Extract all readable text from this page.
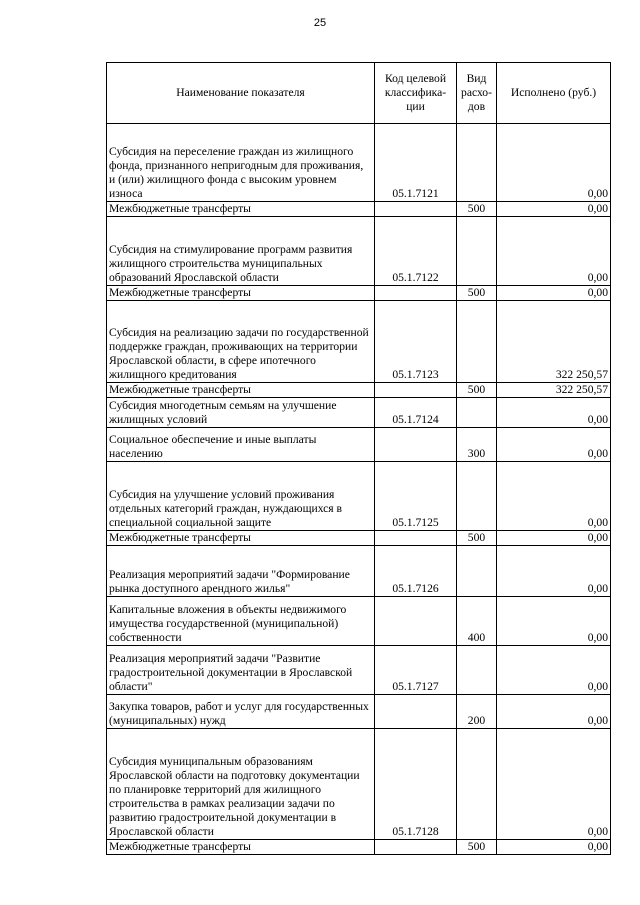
25
Наименование показателя	Код целевой классифика-ции	Вид расхо-дов	Исполнено (руб.)
Субсидия на переселение граждан из жилищного фонда, признанного непригодным для проживания, и (или) жилищного фонда с высоким уровнем износа	05.1.7121		0,00
Межбюджетные трансферты		500	0,00
Субсидия на стимулирование программ развития жилищного строительства муниципальных образований Ярославской области	05.1.7122		0,00
Межбюджетные трансферты		500	0,00
Субсидия на реализацию задачи по государственной поддержке граждан, проживающих на территории Ярославской области, в сфере ипотечного жилищного кредитования	05.1.7123		322 250,57
Межбюджетные трансферты		500	322 250,57
Субсидия многодетным семьям на улучшение жилищных условий	05.1.7124		0,00
Социальное обеспечение и иные выплаты населению		300	0,00
Субсидия на улучшение условий проживания отдельных категорий граждан, нуждающихся в специальной социальной защите	05.1.7125		0,00
Межбюджетные трансферты		500	0,00
Реализация мероприятий задачи "Формирование рынка доступного арендного жилья"	05.1.7126		0,00
Капитальные вложения в объекты недвижимого имущества государственной (муниципальной) собственности		400	0,00
Реализация мероприятий задачи "Развитие градостроительной документации в Ярославской области"	05.1.7127		0,00
Закупка товаров, работ и услуг для государственных (муниципальных) нужд		200	0,00
Субсидия муниципальным образованиям Ярославской области на подготовку документации по планировке территорий для жилищного строительства в рамках реализации задачи по развитию градостроительной документации в Ярославской области	05.1.7128		0,00
Межбюджетные трансферты		500	0,00
